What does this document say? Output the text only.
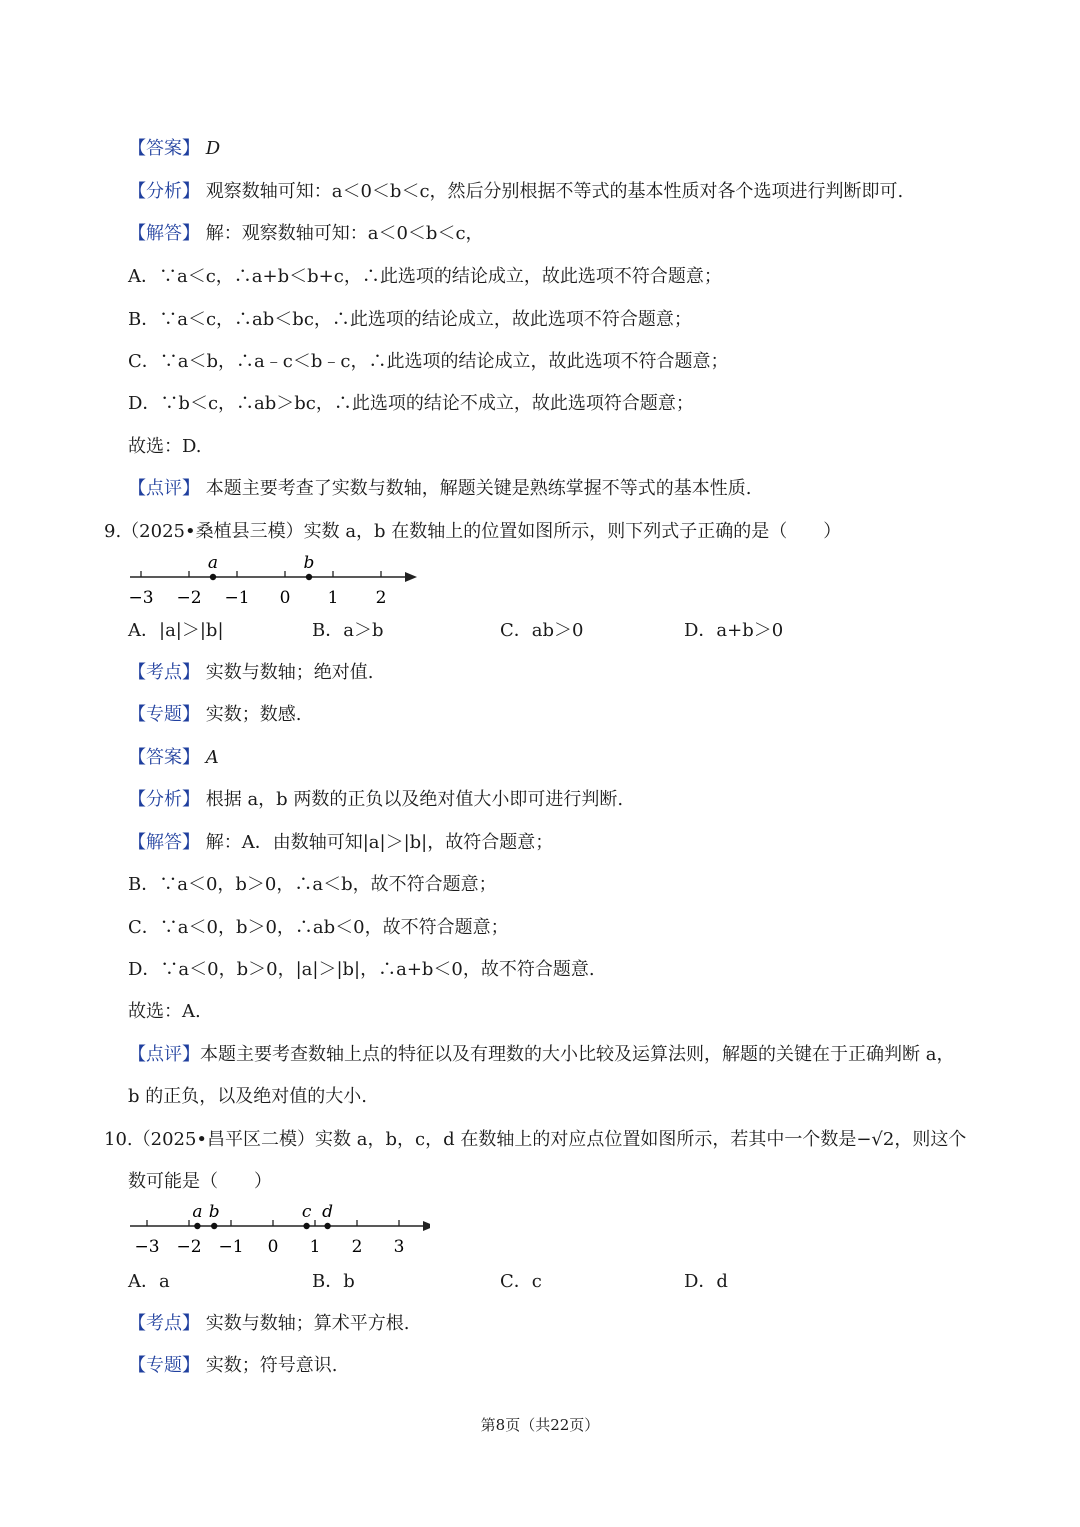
【答案】 D
【分析】 观察数轴可知：a＜0＜b＜c，然后分别根据不等式的基本性质对各个选项进行判断即可.
【解答】 解：观察数轴可知：a＜0＜b＜c，
A．∵a＜c，∴a+b＜b+c，∴此选项的结论成立，故此选项不符合题意；
B．∵a＜c，∴ab＜bc，∴此选项的结论成立，故此选项不符合题意；
C．∵a＜b，∴a﹣c＜b﹣c，∴此选项的结论成立，故此选项不符合题意；
D．∵b＜c，∴ab＞bc，∴此选项的结论不成立，故此选项符合题意；
故选：D.
【点评】 本题主要考查了实数与数轴，解题关键是熟练掌握不等式的基本性质.
9.（2025•桑植县三模）实数 a，b 在数轴上的位置如图所示，则下列式子正确的是（　　）
−3 −2 −1 0 1 2
a	b
A．|a|＞|b|	B．a＞b	C．ab＞0	D．a+b＞0
【考点】 实数与数轴；绝对值.
【专题】 实数；数感.
【答案】 A
【分析】 根据 a，b 两数的正负以及绝对值大小即可进行判断.
【解答】 解：A．由数轴可知|a|＞|b|，故符合题意；
B．∵a＜0，b＞0，∴a＜b，故不符合题意；
C．∵a＜0，b＞0，∴ab＜0，故不符合题意；
D．∵a＜0，b＞0，|a|＞|b|，∴a+b＜0，故不符合题意.
故选：A.
【点评】本题主要考查数轴上点的特征以及有理数的大小比较及运算法则，解题的关键在于正确判断 a，
b 的正负，以及绝对值的大小.
10.（2025•昌平区二模）实数 a，b，c，d 在数轴上的对应点位置如图所示，若其中一个数是−√2，则这个
数可能是（　　）
−3 −2 −1 0 1 2 3
a b	c d
A．a	B．b	C．c	D．d
【考点】 实数与数轴；算术平方根.
【专题】 实数；符号意识.
第8页（共22页）
